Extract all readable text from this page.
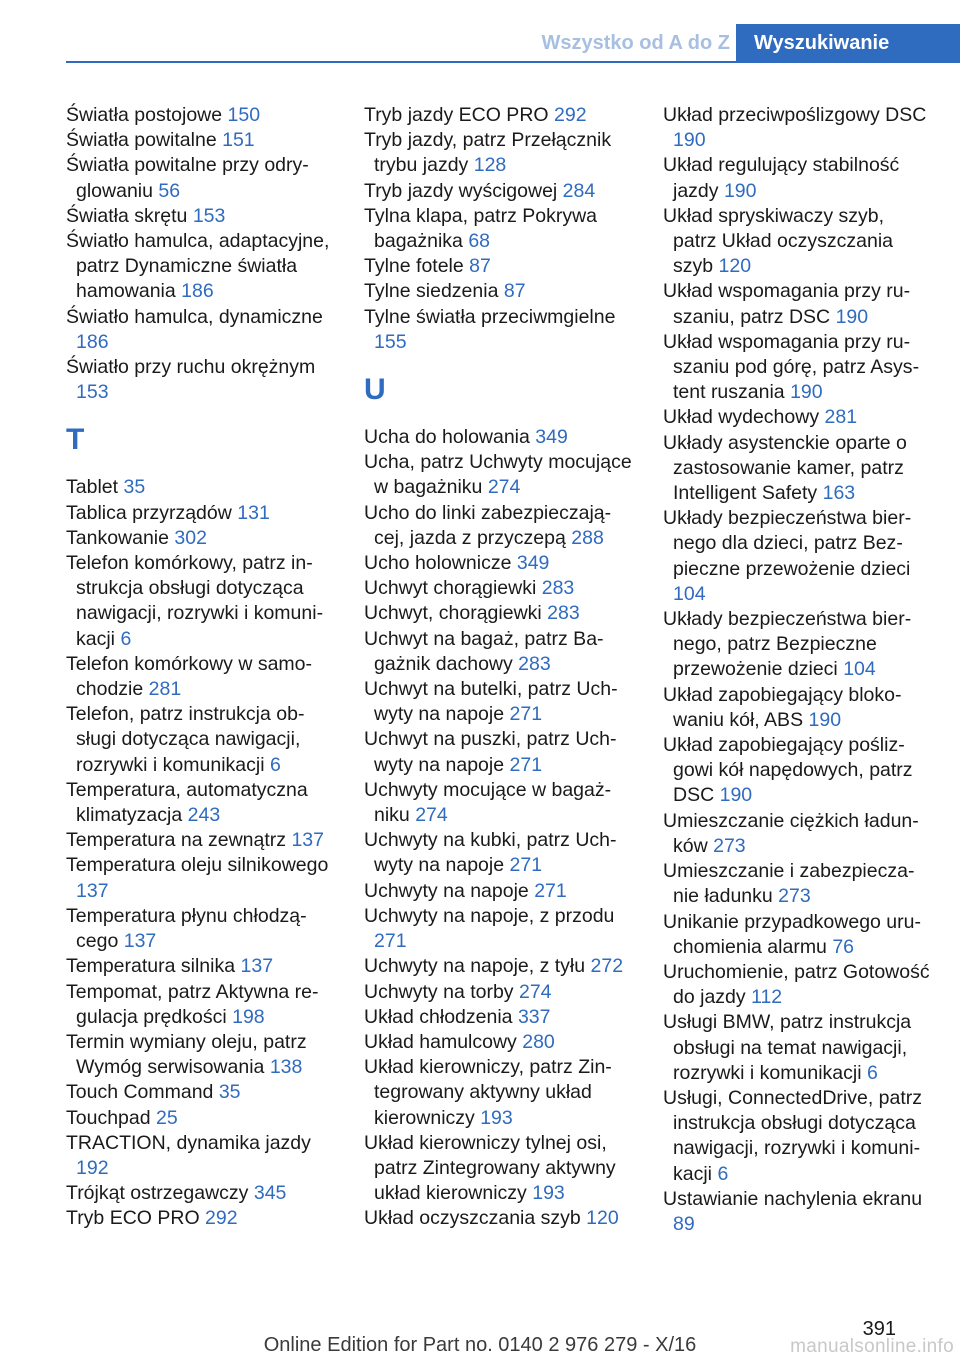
Wszystko od A do Z	Wyszukiwanie
Światła postojowe 150
Światła powitalne 151
Światła powitalne przy odryglowaniu 56
Światła skrętu 153
Światło hamulca, adaptacyjne, patrz Dynamiczne światła hamowania 186
Światło hamulca, dynamiczne 186
Światło przy ruchu okrężnym 153
T
Tablet 35
Tablica przyrządów 131
Tankowanie 302
Telefon komórkowy, patrz instrukcja obsługi dotycząca nawigacji, rozrywki i komunikacji 6
Telefon komórkowy w samochodzie 281
Telefon, patrz instrukcja obsługi dotycząca nawigacji, rozrywki i komunikacji 6
Temperatura, automatyczna klimatyzacja 243
Temperatura na zewnątrz 137
Temperatura oleju silnikowego 137
Temperatura płynu chłodzącego 137
Temperatura silnika 137
Tempomat, patrz Aktywna regulacja prędkości 198
Termin wymiany oleju, patrz Wymóg serwisowania 138
Touch Command 35
Touchpad 25
TRACTION, dynamika jazdy 192
Trójkąt ostrzegawczy 345
Tryb ECO PRO 292
Tryb jazdy ECO PRO 292
Tryb jazdy, patrz Przełącznik trybu jazdy 128
Tryb jazdy wyścigowej 284
Tylna klapa, patrz Pokrywa bagażnika 68
Tylne fotele 87
Tylne siedzenia 87
Tylne światła przeciwmgielne 155
U
Ucha do holowania 349
Ucha, patrz Uchwyty mocujące w bagażniku 274
Ucho do linki zabezpieczającej, jazda z przyczepą 288
Ucho holownicze 349
Uchwyt chorągiewki 283
Uchwyt, chorągiewki 283
Uchwyt na bagaż, patrz Bagażnik dachowy 283
Uchwyt na butelki, patrz Uchwyty na napoje 271
Uchwyt na puszki, patrz Uchwyty na napoje 271
Uchwyty mocujące w bagażniku 274
Uchwyty na kubki, patrz Uchwyty na napoje 271
Uchwyty na napoje 271
Uchwyty na napoje, z przodu 271
Uchwyty na napoje, z tyłu 272
Uchwyty na torby 274
Układ chłodzenia 337
Układ hamulcowy 280
Układ kierowniczy, patrz Zintegrowany aktywny układ kierowniczy 193
Układ kierowniczy tylnej osi, patrz Zintegrowany aktywny układ kierowniczy 193
Układ oczyszczania szyb 120
Układ przeciwpoślizgowy DSC 190
Układ regulujący stabilność jazdy 190
Układ spryskiwaczy szyb, patrz Układ oczyszczania szyb 120
Układ wspomagania przy ruszaniu, patrz DSC 190
Układ wspomagania przy ruszaniu pod górę, patrz Asystent ruszania 190
Układ wydechowy 281
Układy asystenckie oparte o zastosowanie kamer, patrz Intelligent Safety 163
Układy bezpieczeństwa biernego dla dzieci, patrz Bezpieczne przewożenie dzieci 104
Układy bezpieczeństwa biernego, patrz Bezpieczne przewożenie dzieci 104
Układ zapobiegający blokowaniu kół, ABS 190
Układ zapobiegający poślizgowi kół napędowych, patrz DSC 190
Umieszczanie ciężkich ładunków 273
Umieszczanie i zabezpieczanie ładunku 273
Unikanie przypadkowego uruchomienia alarmu 76
Uruchomienie, patrz Gotowość do jazdy 112
Usługi BMW, patrz instrukcja obsługi na temat nawigacji, rozrywki i komunikacji 6
Usługi, ConnectedDrive, patrz instrukcja obsługi dotycząca nawigacji, rozrywki i komunikacji 6
Ustawianie nachylenia ekranu 89
391
Online Edition for Part no. 0140 2 976 279 - X/16	manualsonline.info
